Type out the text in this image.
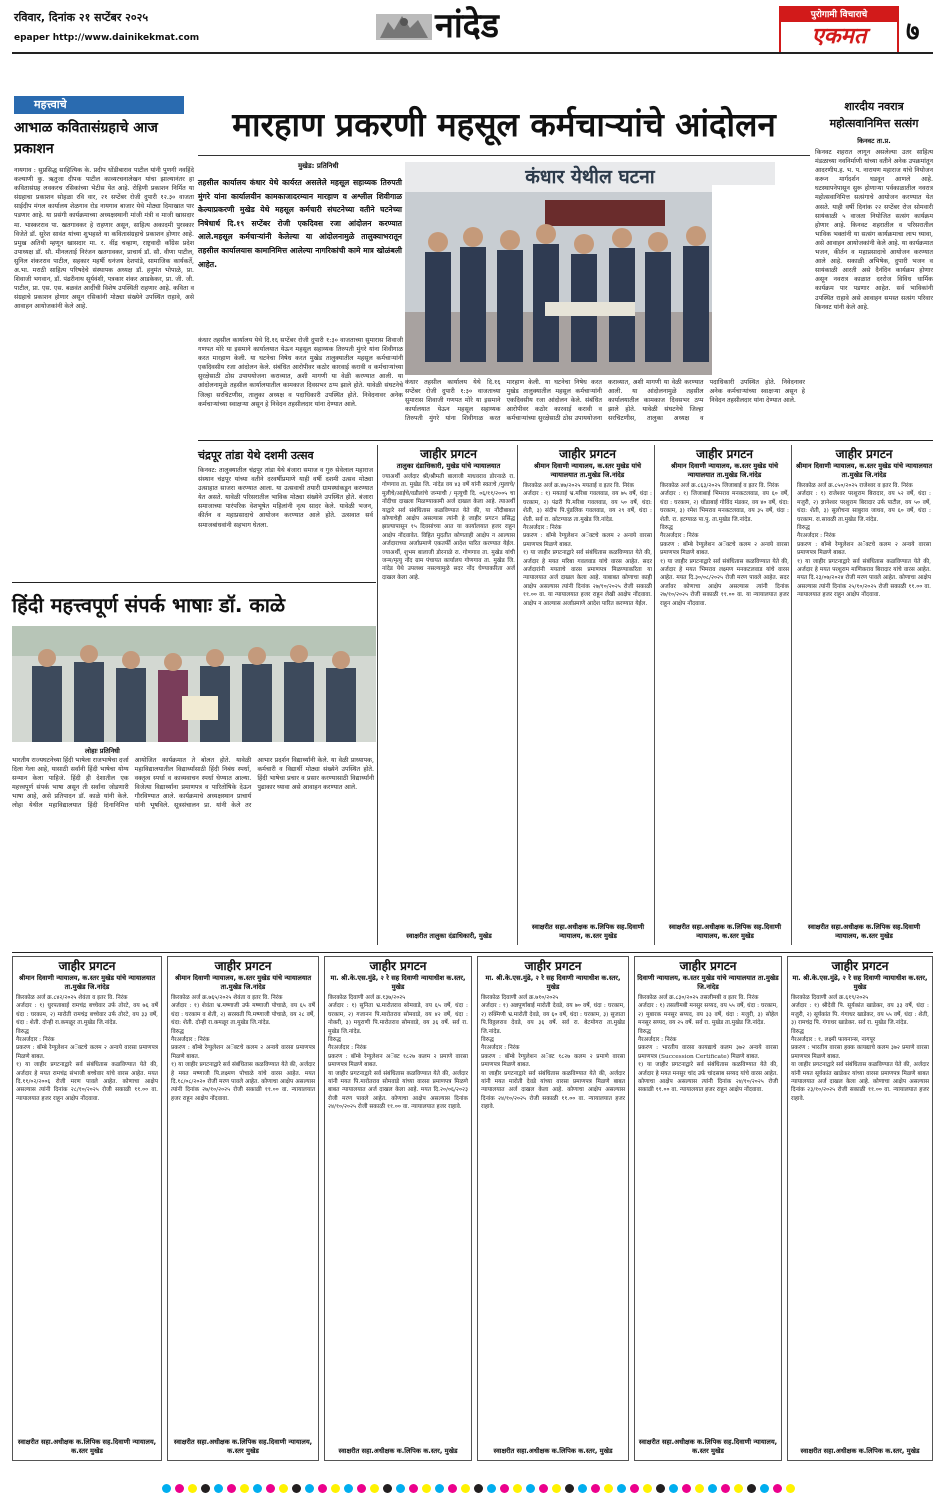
रविवार, दिनांक २१ सप्टेंबर २०२५
epaper http://www.dainikekmat.com	नांदेड	पुरोगामी विचाराचे
एकमत	७
महत्त्वाचे
आभाळ कवितासंग्रहाचे आज प्रकाशन
नायगाव : सुप्रसिद्ध साहित्यिक के. प्रदीप धोंडीबाराव पाटील यांनी पुणगी नवहिंदे कल्याणी कु. ऋतुजा दीपक पाटील काव्यरचनालेखन यांचा झाल्यानंतर हा कवितासंग्रह लवकरच रसिकांच्या भेटीस येत आहे. रोहिणी प्रकाशन निर्मित या संग्रहाचा प्रकाशन सोहळा रवि वार, २१ सप्टेंबर रोजी दुपारी १२.३० वाजता साईदीप मंगल कार्यालय शेळगाव रोड नायगाव बाजार येथे मोठ्या दिमाखात पार पडणार आहे. या प्रसंगी कार्यक्रमाच्या अध्यक्षस्थानी मांजी मंत्री व माजी खासदार मा. भास्करराव पा. खतगावकर हे राहणार असून, साहित्य अकादमी पुरस्कार विजेते डॉ. सुरेश सावंत यांच्या शुभहस्ते या कवितासंग्रहाचे प्रकाशन होणार आहे. प्रमुख अतिथी म्हणून खासदार मा. र. वींद्र चव्हाण, राष्ट्रवादी काँग्रेस प्रदेश उपाध्यक्ष डॉ. सौ. मीनलताई निरंजन खतगावकर, प्राचार्य डॉ. सौ. वीणा पाटील, सुनिल शंकरराव पाटील, सहकार महर्षी धनंजय देशपांडे, सामाजिक कार्यकर्ते, अ.भा. मराठी साहित्य परिषदेचे संस्थापक अध्यक्ष डॉ. हनुमंत भोपाळे, प्रा. शिवाजी भगवान, डॉ. पंढरीनाथ सूर्यवंशी, पत्रकार शंकर आडकेकर, प्रा. जी. जी. पाटील, प्रा. एस. एस. बळवंत आदींची विशेष उपस्थिती राहणार आहे. कविता व संग्रहाचे प्रकाशन होणार असून रसिकांनी मोठ्या संख्येने उपस्थित राहावे, असे आवाहन आयोजकांनी केले आहे.
मारहाण प्रकरणी महसूल कर्मचाऱ्यांचे आंदोलन
मुखेड: प्रतिनिधी
तहसील कार्यालय कंधार येथे कार्यरत असलेले महसूल सहाय्यक तिरुपती मुंगरे यांना कार्यालयीन कामकाजादरम्यान मारहाण व अश्लील शिवीगाळ केल्याप्रकरणी मुखेड येथे महसूल कर्मचारी संघटनेच्या वतीने घटनेच्या निषेधार्थ दि.१९ सप्टेंबर रोजी एकदिवस रजा आंदोलन करण्यात आले.महसूल कर्मचाऱ्यांनी केलेल्या या आंदोलनामुळे तालुक्याभरातून तहसील कार्यालयास कामानिमित्त आलेल्या नागरिकांची कामे मात्र खोळंबली आहेत.
कंधार येथील घटना
कंधार तहसील कार्यालय येथे दि.१६ सप्टेंबर रोजी दुपारी १:३० वाजताच्या सुमारास शिवाजी गणपत मोरे या इसमाने कार्यालयात येऊन महसूल सहाय्यक तिरुपती मुंगरे यांना शिवीगाळ करत मारहाण केली. या घटनेचा निषेध करत मुखेड तालुक्यातील महसूल कर्मचाऱ्यांनी एकदिवसीय रजा आंदोलन केले. संबंधित आरोपीवर कठोर कारवाई करावी व कर्मचाऱ्यांच्या सुरक्षेसाठी ठोस उपाययोजना कराव्यात, अशी मागणी या वेळी करण्यात आली. या आंदोलनामुळे तहसील कार्यालयातील कामकाज दिवसभर ठप्प झाले होते. यावेळी संघटनेचे जिल्हा सरचिटणीस, तालुका अध्यक्ष व पदाधिकारी उपस्थित होते. निवेदनावर अनेक कर्मचाऱ्यांच्या स्वाक्षऱ्या असून हे निवेदन तहसीलदार यांना देण्यात आले.
कंधार तहसील कार्यालय येथे दि.१६ सप्टेंबर रोजी दुपारी १:३० वाजताच्या सुमारास शिवाजी गणपत मोरे या इसमाने कार्यालयात येऊन महसूल सहाय्यक तिरुपती मुंगरे यांना शिवीगाळ करत मारहाण केली. या घटनेचा निषेध करत मुखेड तालुक्यातील महसूल कर्मचाऱ्यांनी एकदिवसीय रजा आंदोलन केले. संबंधित आरोपीवर कठोर कारवाई करावी व कर्मचाऱ्यांच्या सुरक्षेसाठी ठोस उपाययोजना कराव्यात, अशी मागणी या वेळी करण्यात आली. या आंदोलनामुळे तहसील कार्यालयातील कामकाज दिवसभर ठप्प झाले होते. यावेळी संघटनेचे जिल्हा सरचिटणीस, तालुका अध्यक्ष व पदाधिकारी उपस्थित होते. निवेदनावर अनेक कर्मचाऱ्यांच्या स्वाक्षऱ्या असून हे निवेदन तहसीलदार यांना देण्यात आले.
शारदीय नवरात्र महोत्सवानिमित्त सत्संग
किनवट ता.प्र.
किनवट शहरात लागून असलेल्या उतर साहित्य मंडळाच्या नवनिर्माणी यांच्या वतीने अनेक उपक्रमांतून आदरणीय.ह. भ. प. नारायण महाराज यांचे नियोजन करून मार्गदर्शन घडवून आणले आहे. घटस्थापनेपासून सुरू होणाऱ्या पर्वकाळातील नवरात्र महोत्सवानिमित्त सत्संगाचे आयोजन करण्यात येत असते. याही वर्षी दिनांक २२ सप्टेंबर रोज सोमवारी सायंकाळी ५ वाजता नियोजित सत्संग कार्यक्रम होणार आहे. किनवट शहरातील व परिसरातील भाविक भक्तांनी या सत्संग कार्यक्रमाचा लाभ घ्यावा, असे आवाहन आयोजकांनी केले आहे. या कार्यक्रमात भजन, कीर्तन व महाप्रसादाचे आयोजन करण्यात आले आहे. सकाळी अभिषेक, दुपारी भजन व सायंकाळी आरती असे दैनंदिन कार्यक्रम होणार असून नवरात्र काळात दररोज विविध धार्मिक कार्यक्रम पार पडणार आहेत. सर्व भाविकांनी उपस्थित राहावे असे आवाहन समस्त सत्संग परिवार किनवट यांनी केले आहे.
चंद्रपूर तांडा येथे दशमी उत्सव
किनवट: तालुक्यातील चंद्रपूर तांडा येथे बंजारा समाज व गुरु सेवेलाल महाराज संस्थान चंद्रपूर यांच्या वतीने दरवर्षीप्रमाणे याही वर्षी दशमी उत्सव मोठ्या उत्साहात साजरा करण्यात आला. या उत्सवाची तयारी ग्रामस्थांकडून करण्यात येत असते. यावेळी परिसरातील भाविक मोठ्या संख्येने उपस्थित होते. बंजारा समाजाच्या पारंपरिक वेशभूषेत महिलांनी नृत्य सादर केले. यावेळी भजन, कीर्तन व महाप्रसादाचे आयोजन करण्यात आले होते. उत्सवात सर्व समाजबांधवांनी सहभाग घेतला.
हिंदी महत्त्वपूर्ण संपर्क भाषाः डॉ. काळे
लोहाः प्रतिनिधी
भारतीय राज्यघटनेच्या हिंदी भाषेला राजभाषेचा दर्जा दिला गेला आहे, यासाठी सर्वांनी हिंदी भाषेचा योग्य सन्मान केला पाहिजे. हिंदी ही देशातील एक महत्त्वपूर्ण संपर्क भाषा असून ती सर्वांना जोडणारी भाषा आहे, असे प्रतिपादन डॉ. काळे यांनी केले. लोहा येथील महाविद्यालयात हिंदी दिनानिमित्त आयोजित कार्यक्रमात ते बोलत होते. यावेळी महाविद्यालयातील विद्यार्थ्यांसाठी हिंदी निबंध स्पर्धा, वक्तृत्व स्पर्धा व काव्यवाचन स्पर्धा घेण्यात आल्या. विजेत्या विद्यार्थ्यांना प्रमाणपत्र व पारितोषिके देऊन गौरविण्यात आले. कार्यक्रमाचे अध्यक्षस्थान प्राचार्य यांनी भूषविले. सूत्रसंचालन प्रा. यांनी केले तर आभार प्रदर्शन विद्यार्थ्यांनी केले. या वेळी प्राध्यापक, कर्मचारी व विद्यार्थी मोठ्या संख्येने उपस्थित होते. हिंदी भाषेचा प्रचार व प्रसार करण्यासाठी विद्यार्थ्यांनी पुढाकार घ्यावा असे आवाहन करण्यात आले.
जाहीर प्रगटन
तालुका दंडाधिकारी, मुखेड यांचे न्यायालयात
ज्याअर्थी अर्जदार श्री/श्रीमती बालाजी माधवराव डोरनाळे रा. गोणगाव ता. मुखेड जि. नांदेड वय ४३ वर्षे यांनी स्वतःचे /मुलाचे/मुलीचे/आईचे/वडीलांचे जन्माची / मृत्युची दि. ०६/११/२००५ चा नोंदीचा दाखला मिळण्याकामी अर्ज दाखल केला आहे. त्याअर्थी याद्वारे सर्व संबंधितास कळविण्यात येते की, या नोंदीबाबत कोणाचेही आक्षेप असल्यास त्यांनी हे जाहीर प्रगटन प्रसिद्ध झाल्यापासून १५ दिवसांच्या आत या कार्यालयात हजर राहून आक्षेप नोंदवावेत. विहित मुदतीत कोणताही आक्षेप न आल्यास अर्जदाराच्या अर्जाप्रमाणे एकतर्फी आदेश पारित करण्यात येईल. ज्याअर्थी, शुभम बालाजी डोरनाळे रा. गोणगाव ता. मुखेड यांची जन्म/मृत्यु नोंद ग्राम पंचायत कार्यालय गोणगाव ता. मुखेड जि. नांदेड येथे उपलब्ध नसल्यामुळे सदर नोंद घेण्याकरिता अर्ज दाखल केला आहे.
स्वाक्षरीत तालुका दंडाधिकारी, मुखेड
जाहीर प्रगटन
श्रीमान दिवाणी न्यायालय, क.स्तर मुखेड यांचे न्यायालयात ता.मुखेड जि.नांदेड
किरकोळ अर्ज क्र.४७/२०२५ मयताई व इतर वि. निरंक
अर्जदार : १) मयताई भ्र.मरिबा गवलवाड, वय ७५ वर्षे, धंदा : घरकाम, २) पंढरी पि.मरिबा गवलवाड, वय ५० वर्षे, धंदा: शेती, ३) संदीप पि.पुंडलिक गवलवाड, वय २९ वर्षे, धंदा : शेती. सर्व रा. कोटग्याळ ता.मुखेड जि.नांदेड.
गैरअर्जदार : निरंक
प्रकरण : बॉम्बे रेग्युलेशन अॅक्टचे कलम २ अन्वये वारसा प्रमाणपत्र मिळणे बाबत.
१) या जाहीर प्रगटनाद्वारे सर्व संबंधितास कळविण्यात येते की, अर्जदार हे मयत मरिबा गवलवाड यांचे वारस आहेत. सदर अर्जदारांनी मयताचे वारस प्रमाणपत्र मिळण्याकरिता या न्यायालयात अर्ज दाखल केला आहे. याबाबत कोणाचा काही आक्षेप असल्यास त्यांनी दिनांक २७/१०/२०२५ रोजी सकाळी ११.०० वा. या न्यायालयात हजर राहून लेखी आक्षेप नोंदवावा. आक्षेप न आल्यास अर्जाप्रमाणे आदेश पारित करण्यात येईल.
स्वाक्षरीत सहा.अधीक्षक क.लिपिक सह.दिवाणी न्यायालय, क.स्तर मुखेड
जाहीर प्रगटन
श्रीमान दिवाणी न्यायालय, क.स्तर मुखेड यांचे न्यायालयात ता.मुखेड जि.नांदेड
किरकोळ अर्ज क्र.८६३/२०२५ जिजाबाई व इतर वि. निरंक
अर्जदार : १) जिजाबाई भिमराव मनकटलवाड, वय ६० वर्षे, धंदा : घरकाम, २) धोंडाबाई गोविंद मंडकर, वय ४० वर्षे, धंदा: घरकाम, ३) रमेश भिमराव मनकटलवाड, वय ३५ वर्षे, धंदा : शेती. रा. इटग्याळ पा.पु. ता.मुखेड जि.नांदेड.
विरुद्ध
गैरअर्जदार : निरंक
प्रकरण : बॉम्बे रेग्युलेशन अॅक्टचे कलम २ अन्वये वारसा प्रमाणपत्र मिळणे बाबत.
१) या जाहीर प्रगटनाद्वारे सर्व संबंधितास कळविण्यात येते की, अर्जदार हे मयत भिमराव लक्ष्मण मनकटलवाड यांचे वारस आहेत. मयत दि.३०/०८/२०२५ रोजी मरण पावले आहेत. सदर अर्जावर कोणाचा आक्षेप असल्यास त्यांनी दिनांक २७/१०/२०२५ रोजी सकाळी ११.०० वा. या न्यायालयात हजर राहून आक्षेप नोंदवावा.
स्वाक्षरीत सहा.अधीक्षक क.लिपिक सह.दिवाणी न्यायालय, क.स्तर मुखेड
जाहीर प्रगटन
श्रीमान दिवाणी न्यायालय, क.स्तर मुखेड यांचे न्यायालयात ता.मुखेड जि.नांदेड
किरकोळ अर्ज क्र.८५०/२०२५ राजेश्वर व इतर वि. निरंक
अर्जदार : १) राजेश्वर परशुराम बिरादार, वय ५२ वर्षे, धंदा : मजुरी, २) ज्ञानेश्वर परशुराम बिरादार उर्फ पाटील, वय ५० वर्षे, धंदा: शेती, ३) सुलोचना साबुराव जाधव, वय ६० वर्षे, धंदा : घरकाम. रा.सावळी ता.मुखेड जि.नांदेड.
विरुद्ध
गैरअर्जदार : निरंक
प्रकरण : बॉम्बे रेग्युलेशन अॅक्टचे कलम २ अन्वये वारसा प्रमाणपत्र मिळणे बाबत.
१) या जाहीर प्रगटनाद्वारे सर्व संबंधितास कळविण्यात येते की, अर्जदार हे मयत परशुराम माणिकराव बिरादार यांचे वारस आहेत. मयत दि.२३/०७/२०२४ रोजी मरण पावले आहेत. कोणाचा आक्षेप असल्यास त्यांनी दिनांक २५/१०/२०२५ रोजी सकाळी ११.०० वा. न्यायालयात हजर राहून आक्षेप नोंदवावा.
स्वाक्षरीत सहा.अधीक्षक क.लिपिक सह.दिवाणी न्यायालय, क.स्तर मुखेड
जाहीर प्रगटन
श्रीमान दिवाणी न्यायालय, क.स्तर मुखेड यांचे न्यायालयात ता.मुखेड जि.नांदेड
किरकोळ अर्ज क्र.८४२/२०२५ शेवंता व इतर वि. निरंक
अर्जदार : १) धुरपताबाई रामचंद्र बच्चेवार उर्फ तोरटे, वय ७६ वर्षे धंदा : घरकाम, २) मारोती रामचंद्र बच्चेवार उर्फ तोरटे, वय ३३ वर्षे, धंदा : शेती. दोन्ही रा.कमळूर ता.मुखेड जि.नांदेड.
विरुद्ध
गैरअर्जदार : निरंक
प्रकरण : बॉम्बे रेग्युलेशन अॅक्टचे कलम २ अन्वये वारसा प्रमाणपत्र मिळणे बाबत.
१) या जाहीर प्रगटनाद्वारे सर्व संबंधितास कळविण्यात येते की, अर्जदार हे मयत रामचंद्र संभाजी बच्चेवार यांचे वारस आहेत. मयत दि.११/०२/२००६ रोजी मरण पावले आहेत. कोणाचा आक्षेप असल्यास त्यांनी दिनांक २८/१०/२०२५ रोजी सकाळी ११.०० वा. न्यायालयात हजर राहून आक्षेप नोंदवावा.
स्वाक्षरीत सहा.अधीक्षक क.लिपिक सह.दिवाणी न्यायालय, क.स्तर मुखेड
जाहीर प्रगटन
श्रीमान दिवाणी न्यायालय, क.स्तर मुखेड यांचे न्यायालयात ता.मुखेड जि.नांदेड
किरकोळ अर्ज क्र.७६५/२०२५ शेवंता व इतर वि. निरंक
अर्जदार : १) शेवंता भ्र.मष्णाजी उर्फ मष्णाजी पोचाळे, वय ६५ वर्षे धंदा : घरकाम व शेती, २) सरस्वती पि.मष्णाजी पोचाळे, वय २८ वर्षे, धंदा: शेती. दोन्ही रा.कमळूर ता.मुखेड जि.नांदेड.
विरुद्ध
गैरअर्जदार : निरंक
प्रकरण : बॉम्बे रेग्युलेशन अॅक्टचे कलम २ अन्वये वारसा प्रमाणपत्र मिळणे बाबत.
१) या जाहीर प्रगटनाद्वारे सर्व संबंधितास कळविण्यात येते की, अर्जदार हे मयत मष्णाजी पि.लक्ष्मण पोचाळे यांचे वारस आहेत. मयत दि.१८/०८/२०२० रोजी मरण पावले आहेत. कोणाचा आक्षेप असल्यास त्यांनी दिनांक २७/१०/२०२५ रोजी सकाळी ११.०० वा. न्यायालयात हजर राहून आक्षेप नोंदवावा.
स्वाक्षरीत सहा.अधीक्षक क.लिपिक सह.दिवाणी न्यायालय, क.स्तर मुखेड
जाहीर प्रगटन
मा. श्री.के.एस.मुंढे, २ रे सह दिवाणी न्यायाधीश क.स्तर, मुखेड
किरकोळ दिवाणी अर्ज क्र.१३७/२०२५
अर्जदार : १) सुनिता भ्र.मारोतराव सोमवाडे, वय ६५ वर्षे, धंदा : घरकाम, २) गजानन पि.मारोतराव सोमवाडे, वय ४२ वर्षे, धंदा : नोकरी, ३) मयुराणी पि.मारोतराव सोमवाडे, वय ३६ वर्षे. सर्व रा. मुखेड जि.नांदेड.
विरुद्ध
गैरअर्जदार : निरंक
प्रकरण : बॉम्बे रेग्युलेशन अॅक्ट १८२७ कलम २ प्रमाणे वारसा प्रमाणपत्र मिळणे बाबत.
या जाहीर प्रगटनाद्वारे सर्व संबंधितास कळविण्यात येते की, अर्जदार यांनी मयत पि.मारोतराव सोमवाडे यांच्या वारसा प्रमाणपत्र मिळणे बाबत न्यायालयात अर्ज दाखल केला आहे. मयत दि.२०/०६/२०२३ रोजी मरण पावले आहेत. कोणाचा आक्षेप असल्यास दिनांक २४/१०/२०२५ रोजी सकाळी ११.०० वा. न्यायालयात हजर राहावे.
स्वाक्षरीत सहा.अधीक्षक क.लिपिक क.स्तर, मुखेड
जाहीर प्रगटन
मा. श्री.के.एस.मुंढे, २ रे सह दिवाणी न्यायाधीश क.स्तर, मुखेड
किरकोळ दिवाणी अर्ज क्र.७१०/२०२५
अर्जदार : १) अन्नपूर्णाबाई मारोती देवडे, वय ७० वर्षे, धंदा : घरकाम, २) रुक्मिणी भ्र.मारोती देवडे, वय ६० वर्षे, धंदा : घरकाम, ३) सुजाता पि.विठ्ठलराव देवडे, वय ३६ वर्षे. सर्व रा. बेटमोगरा ता.मुखेड जि.नांदेड.
विरुद्ध
गैरअर्जदार : निरंक
प्रकरण : बॉम्बे रेग्युलेशन अॅक्ट १८२७ कलम २ प्रमाणे वारसा प्रमाणपत्र मिळणे बाबत.
या जाहीर प्रगटनाद्वारे सर्व संबंधितास कळविण्यात येते की, अर्जदार यांनी मयत मारोती देवडे यांच्या वारसा प्रमाणपत्र मिळणे बाबत न्यायालयात अर्ज दाखल केला आहे. कोणाचा आक्षेप असल्यास दिनांक २४/१०/२०२५ रोजी सकाळी ११.०० वा. न्यायालयात हजर राहावे.
स्वाक्षरीत सहा.अधीक्षक क.लिपिक क.स्तर, मुखेड
जाहीर प्रगटन
दिवाणी न्यायालय, क.स्तर मुखेड यांचे न्यायालयात ता.मुखेड जि.नांदेड
किरकोळ अर्ज क्र.८३०/२०२५ तसलीमबी व इतर वि. निरंक
अर्जदार : १) तसलीमबी मनसुर सय्यद, वय ५५ वर्षे, धंदा : घरकाम, २) मुबारक मनसुर सय्यद, वय ३३ वर्षे, धंदा : मजुरी, ३) सोहेल मनसुर सय्यद, वय २५ वर्षे. सर्व रा. मुखेड ता.मुखेड जि.नांदेड.
विरुद्ध
गैरअर्जदार : निरंक
प्रकरण : भारतीय वारसा कायद्याचे कलम ३७२ अन्वये वारसा प्रमाणपत्र (Succession Certificate) मिळणे बाबत.
१) या जाहीर प्रगटनाद्वारे सर्व संबंधितास कळविण्यात येते की, अर्जदार हे मयत मनसुर चांद उर्फ चांदसाब सय्यद यांचे वारस आहेत. कोणाचा आक्षेप असल्यास त्यांनी दिनांक २४/१०/२०२५ रोजी सकाळी ११.०० वा. न्यायालयात हजर राहून आक्षेप नोंदवावा.
स्वाक्षरीत सहा.अधीक्षक क.लिपिक सह.दिवाणी न्यायालय, क.स्तर मुखेड
जाहीर प्रगटन
मा. श्री.के.एस.मुंढे, २ रे सह दिवाणी न्यायाधीश क.स्तर, मुखेड
किरकोळ दिवाणी अर्ज क्र.६१९/२०२५
अर्जदार : १) श्रीदेवी पि. सूर्यकांत खाडेकर, वय ३३ वर्षे, धंदा : मजुरी, २) सूर्यकांत पि. गंगाधर खाडेकर, वय ५५ वर्षे, धंदा : शेती, ३) रामचंद्र पि. गंगाधर खाडेकर. सर्व रा. मुखेड जि.नांदेड.
विरुद्ध
गैरअर्जदार : १. लक्ष्मी फायनान्स, नागपूर
प्रकरण : भारतीय वारसा हक्क कायद्याचे कलम ३७२ प्रमाणे वारसा प्रमाणपत्र मिळणे बाबत.
या जाहीर प्रगटनाद्वारे सर्व संबंधितास कळविण्यात येते की, अर्जदार यांनी मयत सूर्यकांत खाडेकर यांच्या वारसा प्रमाणपत्र मिळणे बाबत न्यायालयात अर्ज दाखल केला आहे. कोणाचा आक्षेप असल्यास दिनांक २३/१०/२०२५ रोजी सकाळी ११.०० वा. न्यायालयात हजर राहावे.
स्वाक्षरीत सहा.अधीक्षक क.लिपिक क.स्तर, मुखेड
